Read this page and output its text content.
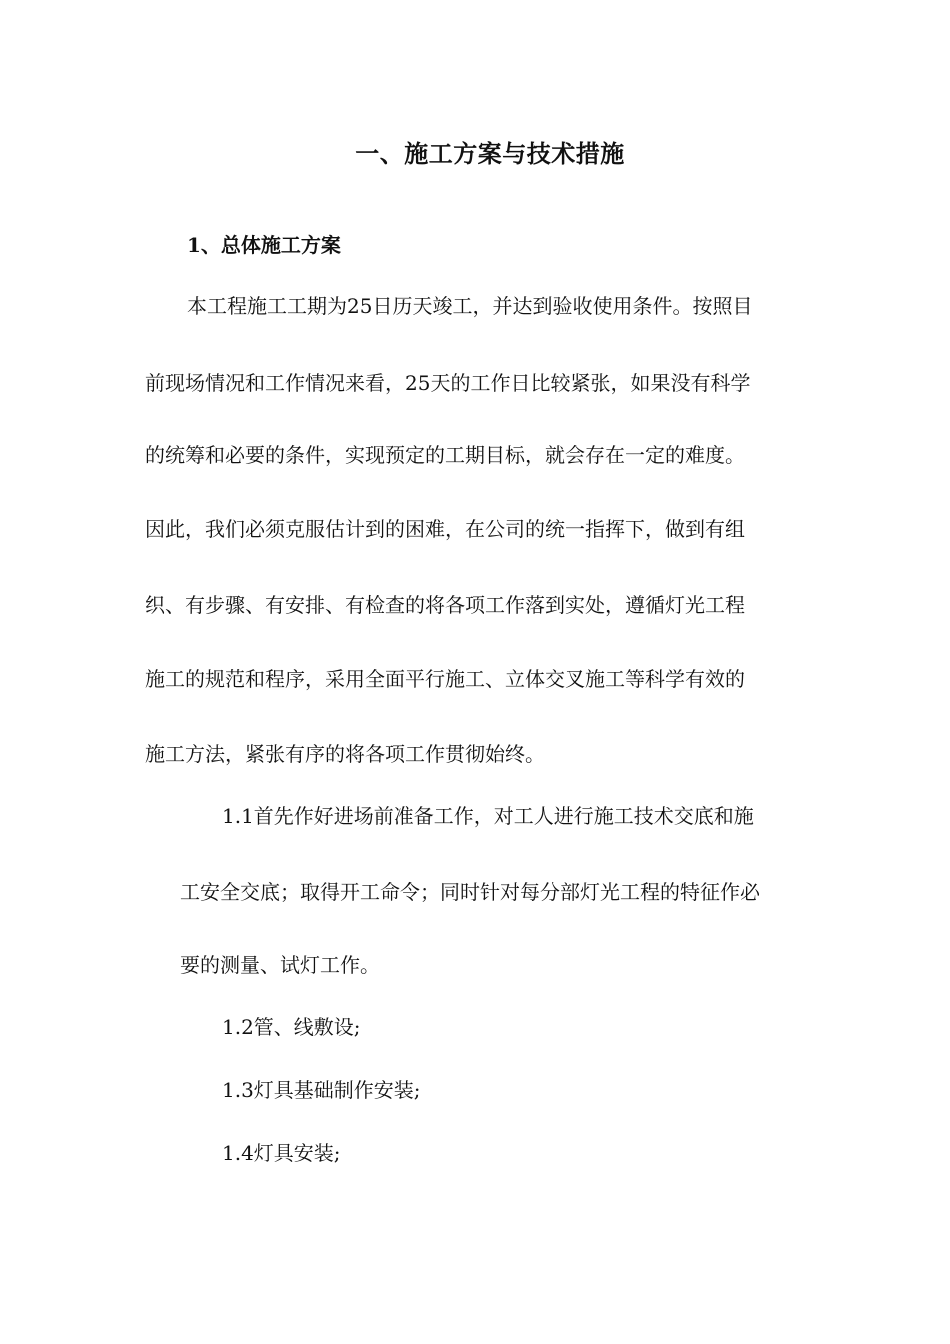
一、施工方案与技术措施
1、总体施工方案
本工程施工工期为25日历天竣工，并达到验收使用条件。按照目
前现场情况和工作情况来看，25天的工作日比较紧张，如果没有科学
的统筹和必要的条件，实现预定的工期目标，就会存在一定的难度。
因此，我们必须克服估计到的困难，在公司的统一指挥下，做到有组
织、有步骤、有安排、有检查的将各项工作落到实处，遵循灯光工程
施工的规范和程序，采用全面平行施工、立体交叉施工等科学有效的
施工方法，紧张有序的将各项工作贯彻始终。
1.1首先作好进场前准备工作，对工人进行施工技术交底和施
工安全交底；取得开工命令；同时针对每分部灯光工程的特征作必
要的测量、试灯工作。
1.2管、线敷设;
1.3灯具基础制作安装;
1.4灯具安装;
